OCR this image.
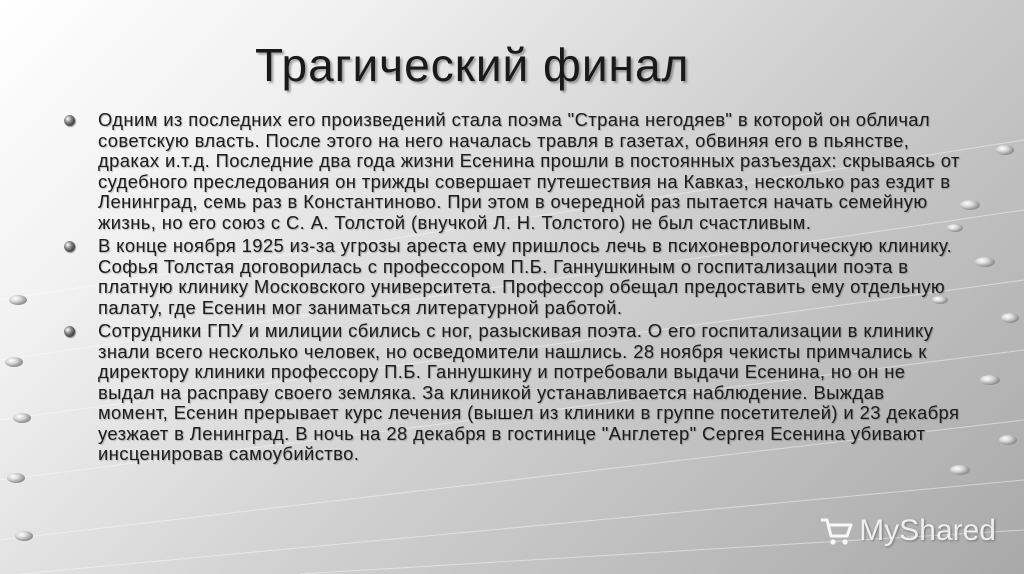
Трагический финал
Одним из последних его произведений стала поэма "Страна негодяев" в которой он обличал советскую власть. После этого на него началась травля в газетах, обвиняя его в пьянстве, драках и.т.д. Последние два года жизни Есенина прошли в постоянных разъездах: скрываясь от судебного преследования он трижды совершает путешествия на Кавказ, несколько раз ездит в Ленинград, семь раз в Константиново. При этом в очередной раз пытается начать семейную жизнь, но его союз с С. А. Толстой (внучкой Л. Н. Толстого) не был счастливым.
В конце ноября 1925 из-за угрозы ареста ему пришлось лечь в психоневрологическую клинику. Софья Толстая договорилась с профессором П.Б. Ганнушкиным о госпитализации поэта в платную клинику Московского университета. Профессор обещал предоставить ему отдельную палату, где Есенин мог заниматься литературной работой.
Сотрудники ГПУ и милиции сбились с ног, разыскивая поэта. О его госпитализации в клинику знали всего несколько человек, но осведомители нашлись. 28 ноября чекисты примчались к директору клиники профессору П.Б. Ганнушкину и потребовали выдачи Есенина, но он не выдал на расправу своего земляка. За клиникой устанавливается наблюдение. Выждав момент, Есенин прерывает курс лечения (вышел из клиники в группе посетителей) и 23 декабря уезжает в Ленинград. В ночь на 28 декабря в гостинице "Англетер" Сергея Есенина убивают инсценировав самоубийство.
MyShared
